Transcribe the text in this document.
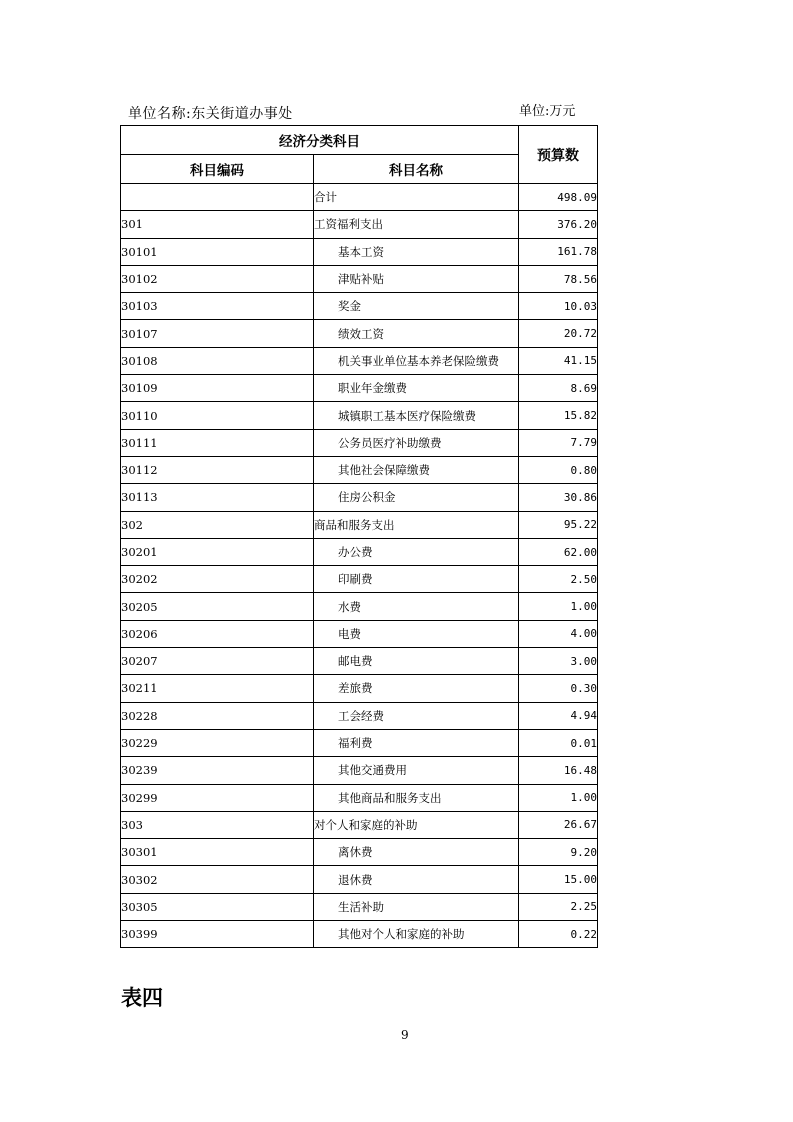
单位名称:东关街道办事处	单位:万元
经济分类科目		预算数
科目编码	科目名称	
	合计	498.09
301	工资福利支出	376.20
30101	基本工资	161.78
30102	津贴补贴	78.56
30103	奖金	10.03
30107	绩效工资	20.72
30108	机关事业单位基本养老保险缴费	41.15
30109	职业年金缴费	8.69
30110	城镇职工基本医疗保险缴费	15.82
30111	公务员医疗补助缴费	7.79
30112	其他社会保障缴费	0.80
30113	住房公积金	30.86
302	商品和服务支出	95.22
30201	办公费	62.00
30202	印刷费	2.50
30205	水费	1.00
30206	电费	4.00
30207	邮电费	3.00
30211	差旅费	0.30
30228	工会经费	4.94
30229	福利费	0.01
30239	其他交通费用	16.48
30299	其他商品和服务支出	1.00
303	对个人和家庭的补助	26.67
30301	离休费	9.20
30302	退休费	15.00
30305	生活补助	2.25
30399	其他对个人和家庭的补助	0.22
表四
9
